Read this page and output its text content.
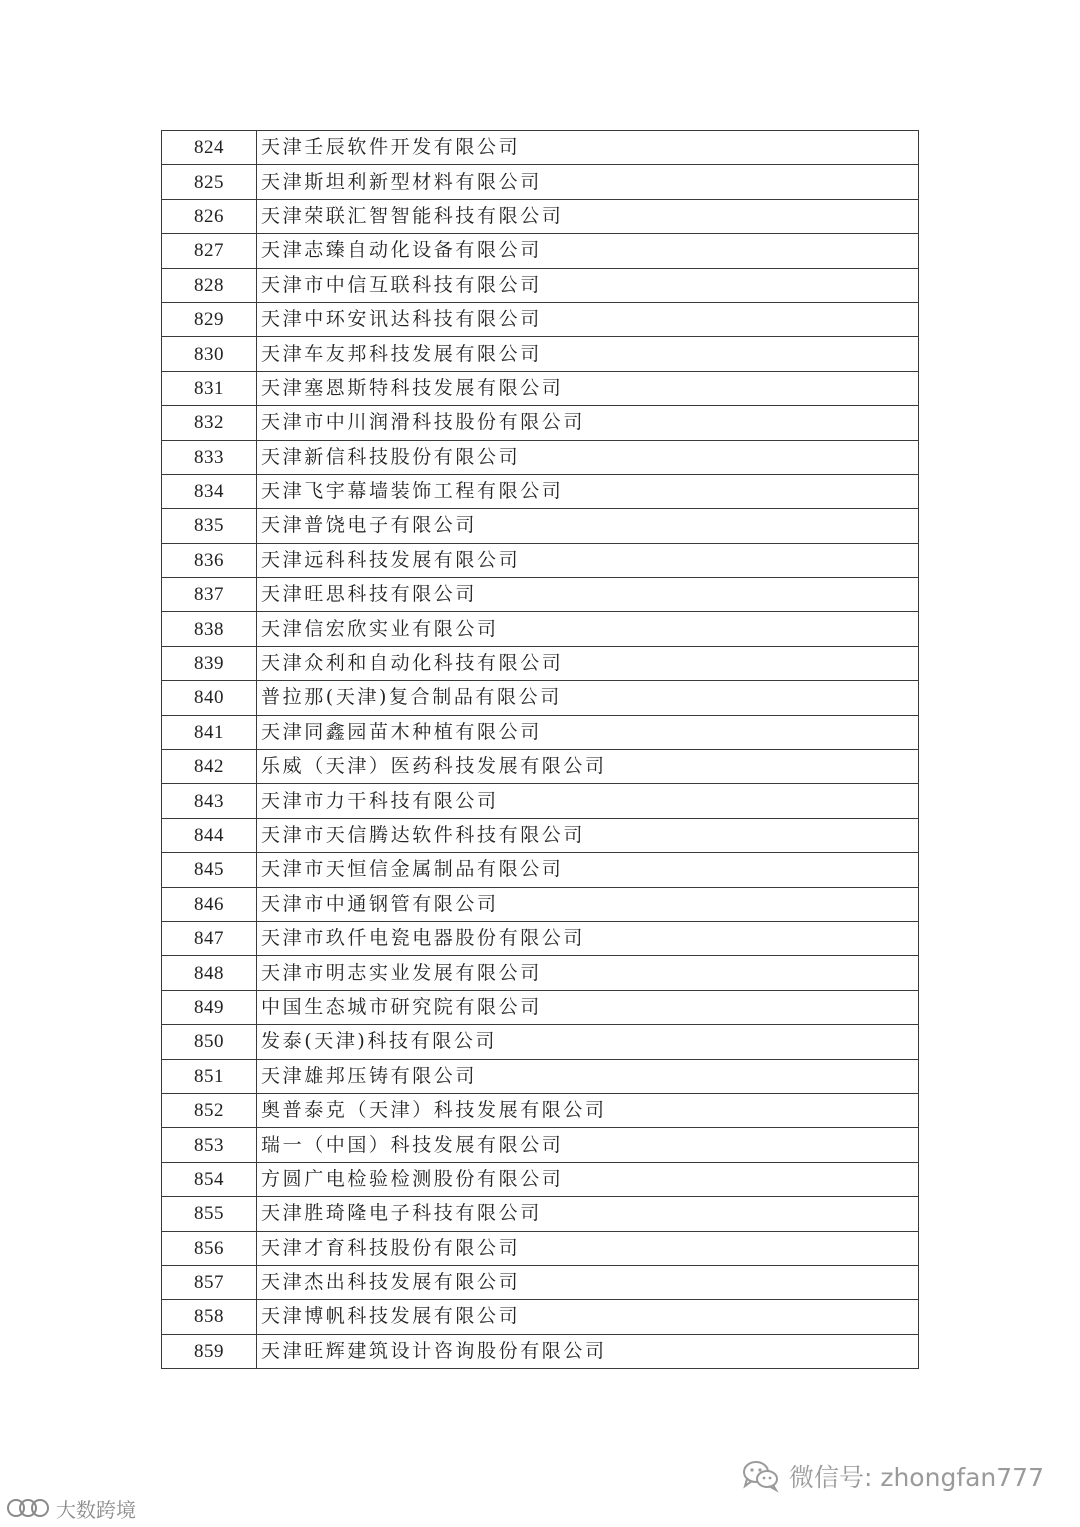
824	天津壬辰软件开发有限公司
825	天津斯坦利新型材料有限公司
826	天津荣联汇智智能科技有限公司
827	天津志臻自动化设备有限公司
828	天津市中信互联科技有限公司
829	天津中环安讯达科技有限公司
830	天津车友邦科技发展有限公司
831	天津塞恩斯特科技发展有限公司
832	天津市中川润滑科技股份有限公司
833	天津新信科技股份有限公司
834	天津飞宇幕墙装饰工程有限公司
835	天津普饶电子有限公司
836	天津远科科技发展有限公司
837	天津旺思科技有限公司
838	天津信宏欣实业有限公司
839	天津众利和自动化科技有限公司
840	普拉那(天津)复合制品有限公司
841	天津同鑫园苗木种植有限公司
842	乐威（天津）医药科技发展有限公司
843	天津市力干科技有限公司
844	天津市天信腾达软件科技有限公司
845	天津市天恒信金属制品有限公司
846	天津市中通钢管有限公司
847	天津市玖仟电瓷电器股份有限公司
848	天津市明志实业发展有限公司
849	中国生态城市研究院有限公司
850	发泰(天津)科技有限公司
851	天津雄邦压铸有限公司
852	奥普泰克（天津）科技发展有限公司
853	瑞一（中国）科技发展有限公司
854	方圆广电检验检测股份有限公司
855	天津胜琦隆电子科技有限公司
856	天津才育科技股份有限公司
857	天津杰出科技发展有限公司
858	天津博帆科技发展有限公司
859	天津旺辉建筑设计咨询股份有限公司
微信号: zhongfan777
大数跨境
